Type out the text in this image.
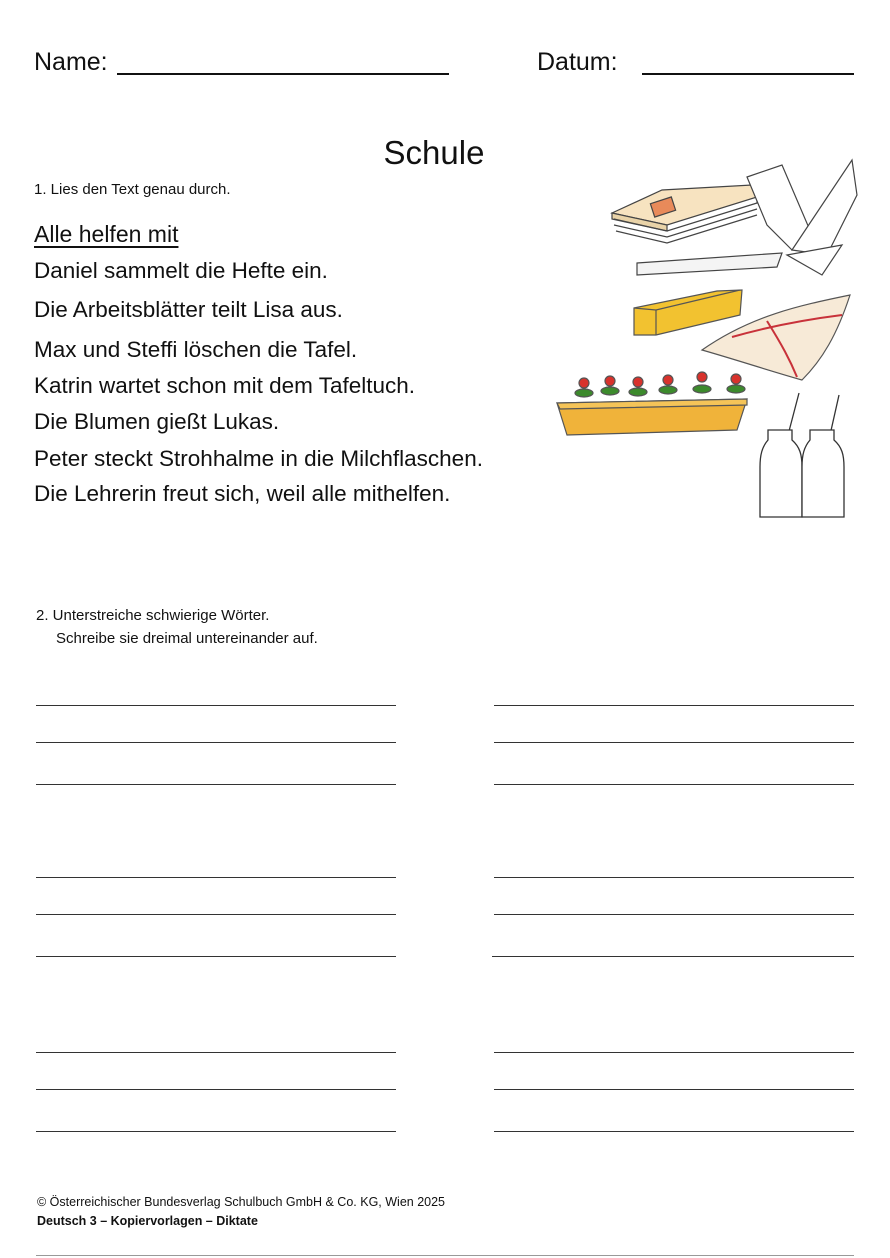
Name:	Datum:
Schule
1. Lies den Text genau durch.
Alle helfen mit
Daniel sammelt die Hefte ein.
Die Arbeitsblätter teilt Lisa aus.
Max und Steffi löschen die Tafel.
Katrin wartet schon mit dem Tafeltuch.
Die Blumen gießt Lukas.
Peter steckt Strohhalme in die Milchflaschen.
Die Lehrerin freut sich, weil alle mithelfen.
2. Unterstreiche schwierige Wörter.
Schreibe sie dreimal untereinander auf.
© Österreichischer Bundesverlag Schulbuch GmbH & Co. KG, Wien 2025
Deutsch 3 – Kopiervorlagen – Diktate
